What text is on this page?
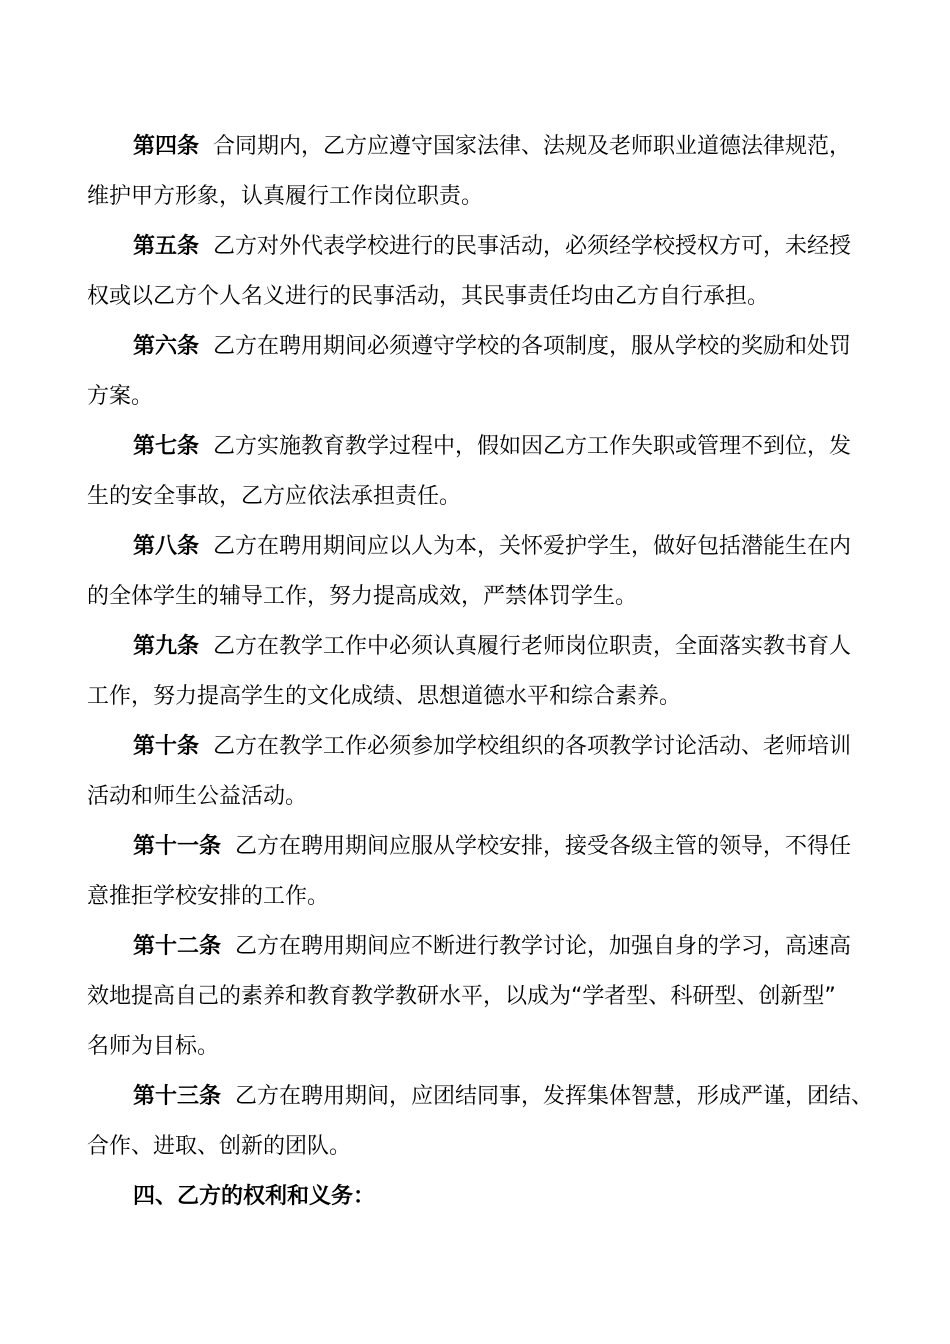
第四条 合同期内，乙方应遵守国家法律、法规及老师职业道德法律规范，
维护甲方形象，认真履行工作岗位职责。
第五条 乙方对外代表学校进行的民事活动，必须经学校授权方可，未经授
权或以乙方个人名义进行的民事活动，其民事责任均由乙方自行承担。
第六条 乙方在聘用期间必须遵守学校的各项制度，服从学校的奖励和处罚
方案。
第七条 乙方实施教育教学过程中，假如因乙方工作失职或管理不到位，发
生的安全事故，乙方应依法承担责任。
第八条 乙方在聘用期间应以人为本，关怀爱护学生，做好包括潜能生在内
的全体学生的辅导工作，努力提高成效，严禁体罚学生。
第九条 乙方在教学工作中必须认真履行老师岗位职责，全面落实教书育人
工作，努力提高学生的文化成绩、思想道德水平和综合素养。
第十条 乙方在教学工作必须参加学校组织的各项教学讨论活动、老师培训
活动和师生公益活动。
第十一条 乙方在聘用期间应服从学校安排，接受各级主管的领导，不得任
意推拒学校安排的工作。
第十二条 乙方在聘用期间应不断进行教学讨论，加强自身的学习，高速高
效地提高自己的素养和教育教学教研水平，以成为“学者型、科研型、创新型”
名师为目标。
第十三条 乙方在聘用期间，应团结同事，发挥集体智慧，形成严谨，团结、
合作、进取、创新的团队。
四、乙方的权利和义务：
